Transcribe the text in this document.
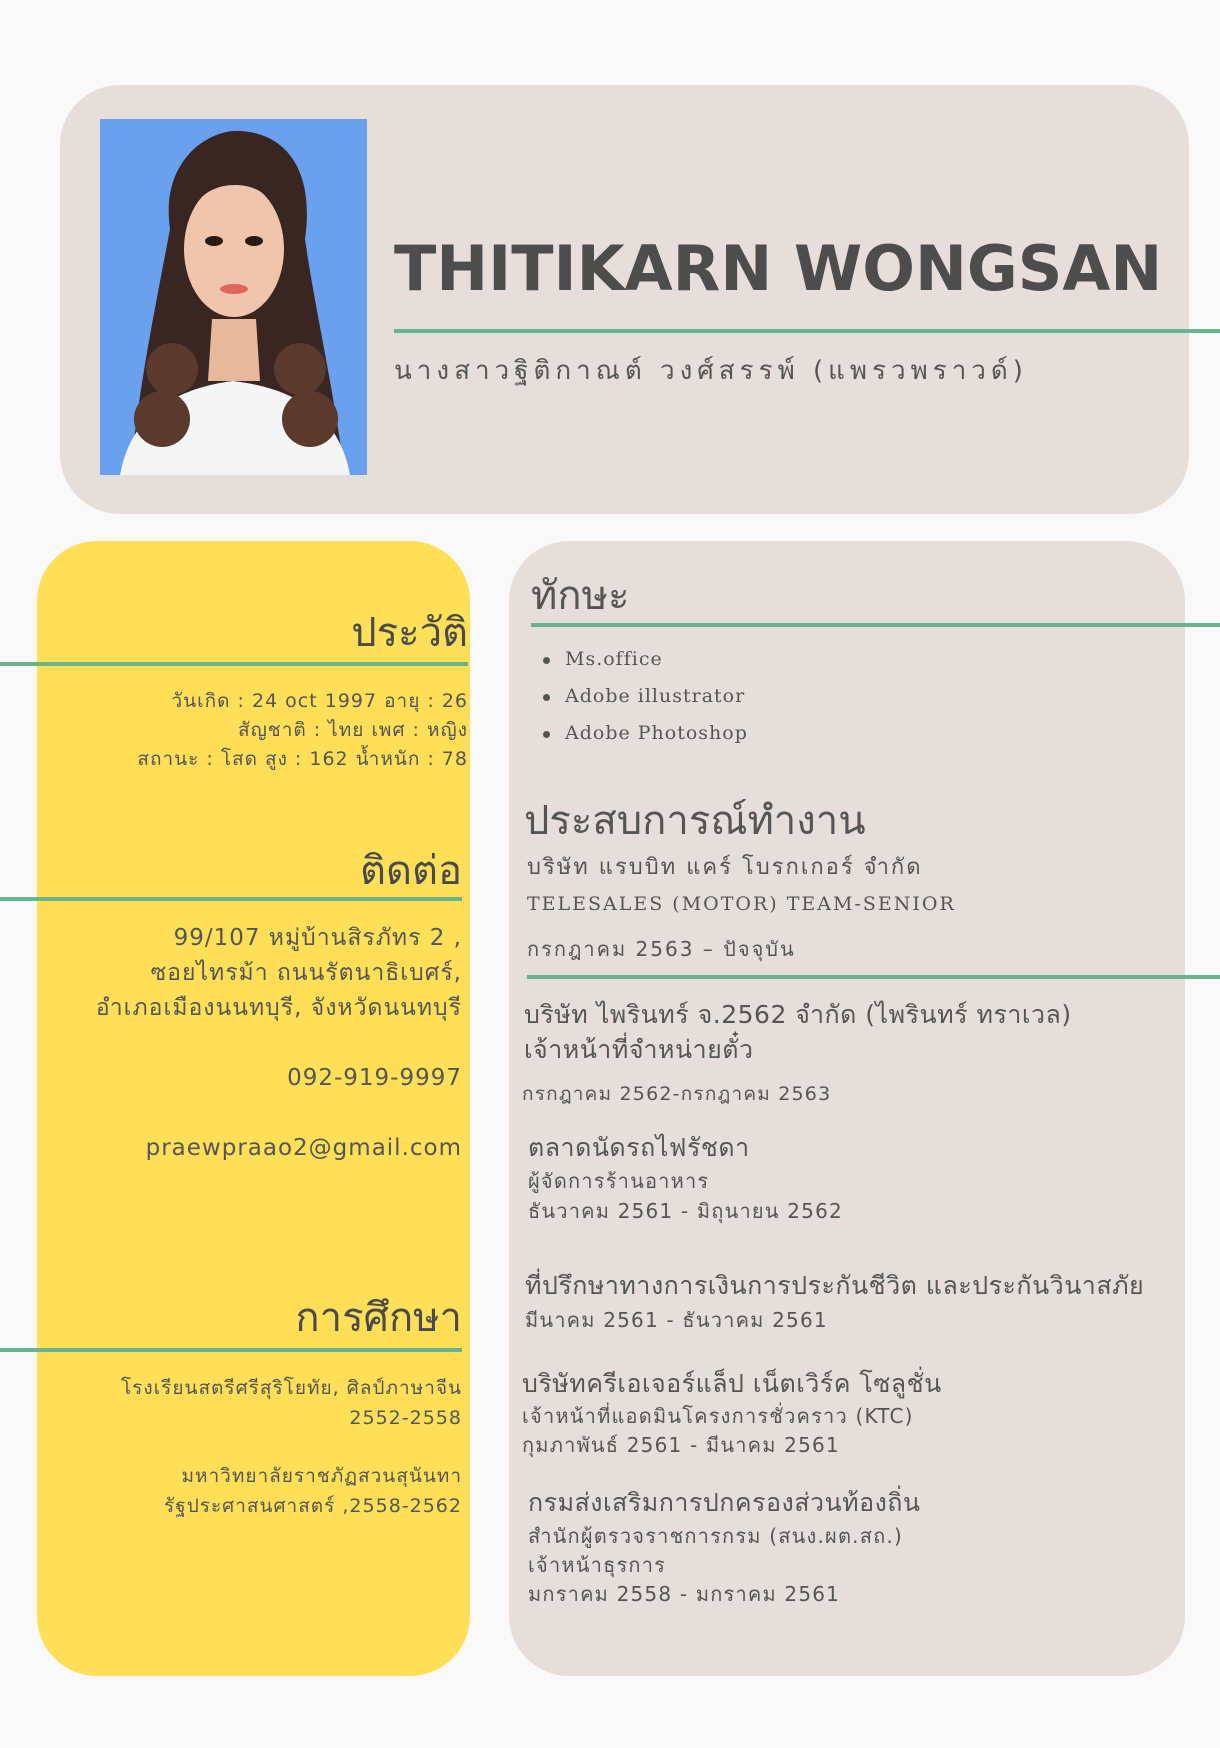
THITIKARN WONGSAN
นางสาวฐิติกาณต์ วงศ์สรรพ์ (แพรวพราวด์)
ประวัติ
วันเกิด : 24 oct 1997 อายุ : 26
สัญชาติ : ไทย เพศ : หญิง
สถานะ : โสด สูง : 162 น้ำหนัก : 78
ติดต่อ
99/107 หมู่บ้านสิรภัทร 2 ,
ซอยไทรม้า ถนนรัตนาธิเบศร์,
อำเภอเมืองนนทบุรี, จังหวัดนนทบุรี
092-919-9997
praewpraao2@gmail.com
การศึกษา
โรงเรียนสตรีศรีสุริโยทัย, ศิลป์ภาษาจีน
2552-2558
มหาวิทยาลัยราชภัฏสวนสุนันทา
รัฐประศาสนศาสตร์ ,2558-2562
ทักษะ
Ms.office
Adobe illustrator
Adobe Photoshop
ประสบการณ์ทำงาน
บริษัท แรบบิท แคร์ โบรกเกอร์ จำกัด
TELESALES (MOTOR) TEAM-SENIOR
กรกฎาคม 2563 – ปัจจุบัน
บริษัท ไพรินทร์ จ.2562 จำกัด (ไพรินทร์ ทราเวล)
เจ้าหน้าที่จำหน่ายตั๋ว
กรกฎาคม 2562-กรกฎาคม 2563
ตลาดนัดรถไฟรัชดา
ผู้จัดการร้านอาหาร
ธันวาคม 2561 - มิถุนายน 2562
ที่ปรึกษาทางการเงินการประกันชีวิต และประกันวินาสภัย
มีนาคม 2561 - ธันวาคม 2561
บริษัทครีเอเจอร์แล็ป เน็ตเวิร์ค โซลูชั่น
เจ้าหน้าที่แอดมินโครงการชั่วคราว (KTC)
กุมภาพันธ์ 2561 - มีนาคม 2561
กรมส่งเสริมการปกครองส่วนท้องถิ่น
สำนักผู้ตรวจราชการกรม (สนง.ผต.สถ.)
เจ้าหน้าธุรการ
มกราคม 2558 - มกราคม 2561
